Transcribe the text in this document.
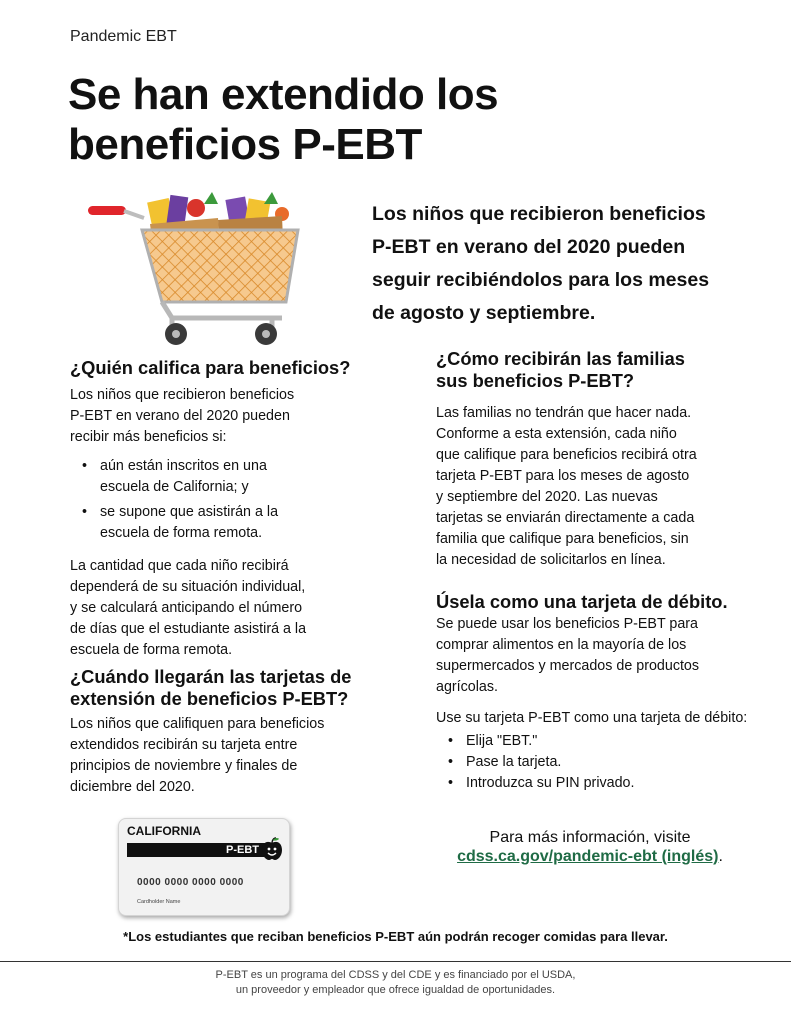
Pandemic EBT
Se han extendido los
beneficios P-EBT
Los niños que recibieron beneficios
P-EBT en verano del 2020 pueden
seguir recibiéndolos para los meses
de agosto y septiembre.
¿Quién califica para beneficios?
Los niños que recibieron beneficios
P-EBT en verano del 2020 pueden
recibir más beneficios si:
• aún están inscritos en una
escuela de California; y
• se supone que asistirán a la
escuela de forma remota.
La cantidad que cada niño recibirá
dependerá de su situación individual,
y se calculará anticipando el número
de días que el estudiante asistirá a la
escuela de forma remota.
¿Cuándo llegarán las tarjetas de
extensión de beneficios P-EBT?
Los niños que califiquen para beneficios
extendidos recibirán su tarjeta entre
principios de noviembre y finales de
diciembre del 2020.
¿Cómo recibirán las familias
sus beneficios P-EBT?
Las familias no tendrán que hacer nada.
Conforme a esta extensión, cada niño
que califique para beneficios recibirá otra
tarjeta P-EBT para los meses de agosto
y septiembre del 2020. Las nuevas
tarjetas se enviarán directamente a cada
familia que califique para beneficios, sin
la necesidad de solicitarlos en línea.
Úsela como una tarjeta de débito.
Se puede usar los beneficios P-EBT para
comprar alimentos en la mayoría de los
supermercados y mercados de productos
agrícolas.
Use su tarjeta P-EBT como una tarjeta de débito:
• Elija "EBT."
• Pase la tarjeta.
• Introduzca su PIN privado.
CALIFORNIA
P-EBT
0000 0000 0000 0000
Cardholder Name
Para más información, visite
cdss.ca.gov/pandemic-ebt (inglés).
*Los estudiantes que reciban beneficios P-EBT aún podrán recoger comidas para llevar.
P-EBT es un programa del CDSS y del CDE y es financiado por el USDA,
un proveedor y empleador que ofrece igualdad de oportunidades.
